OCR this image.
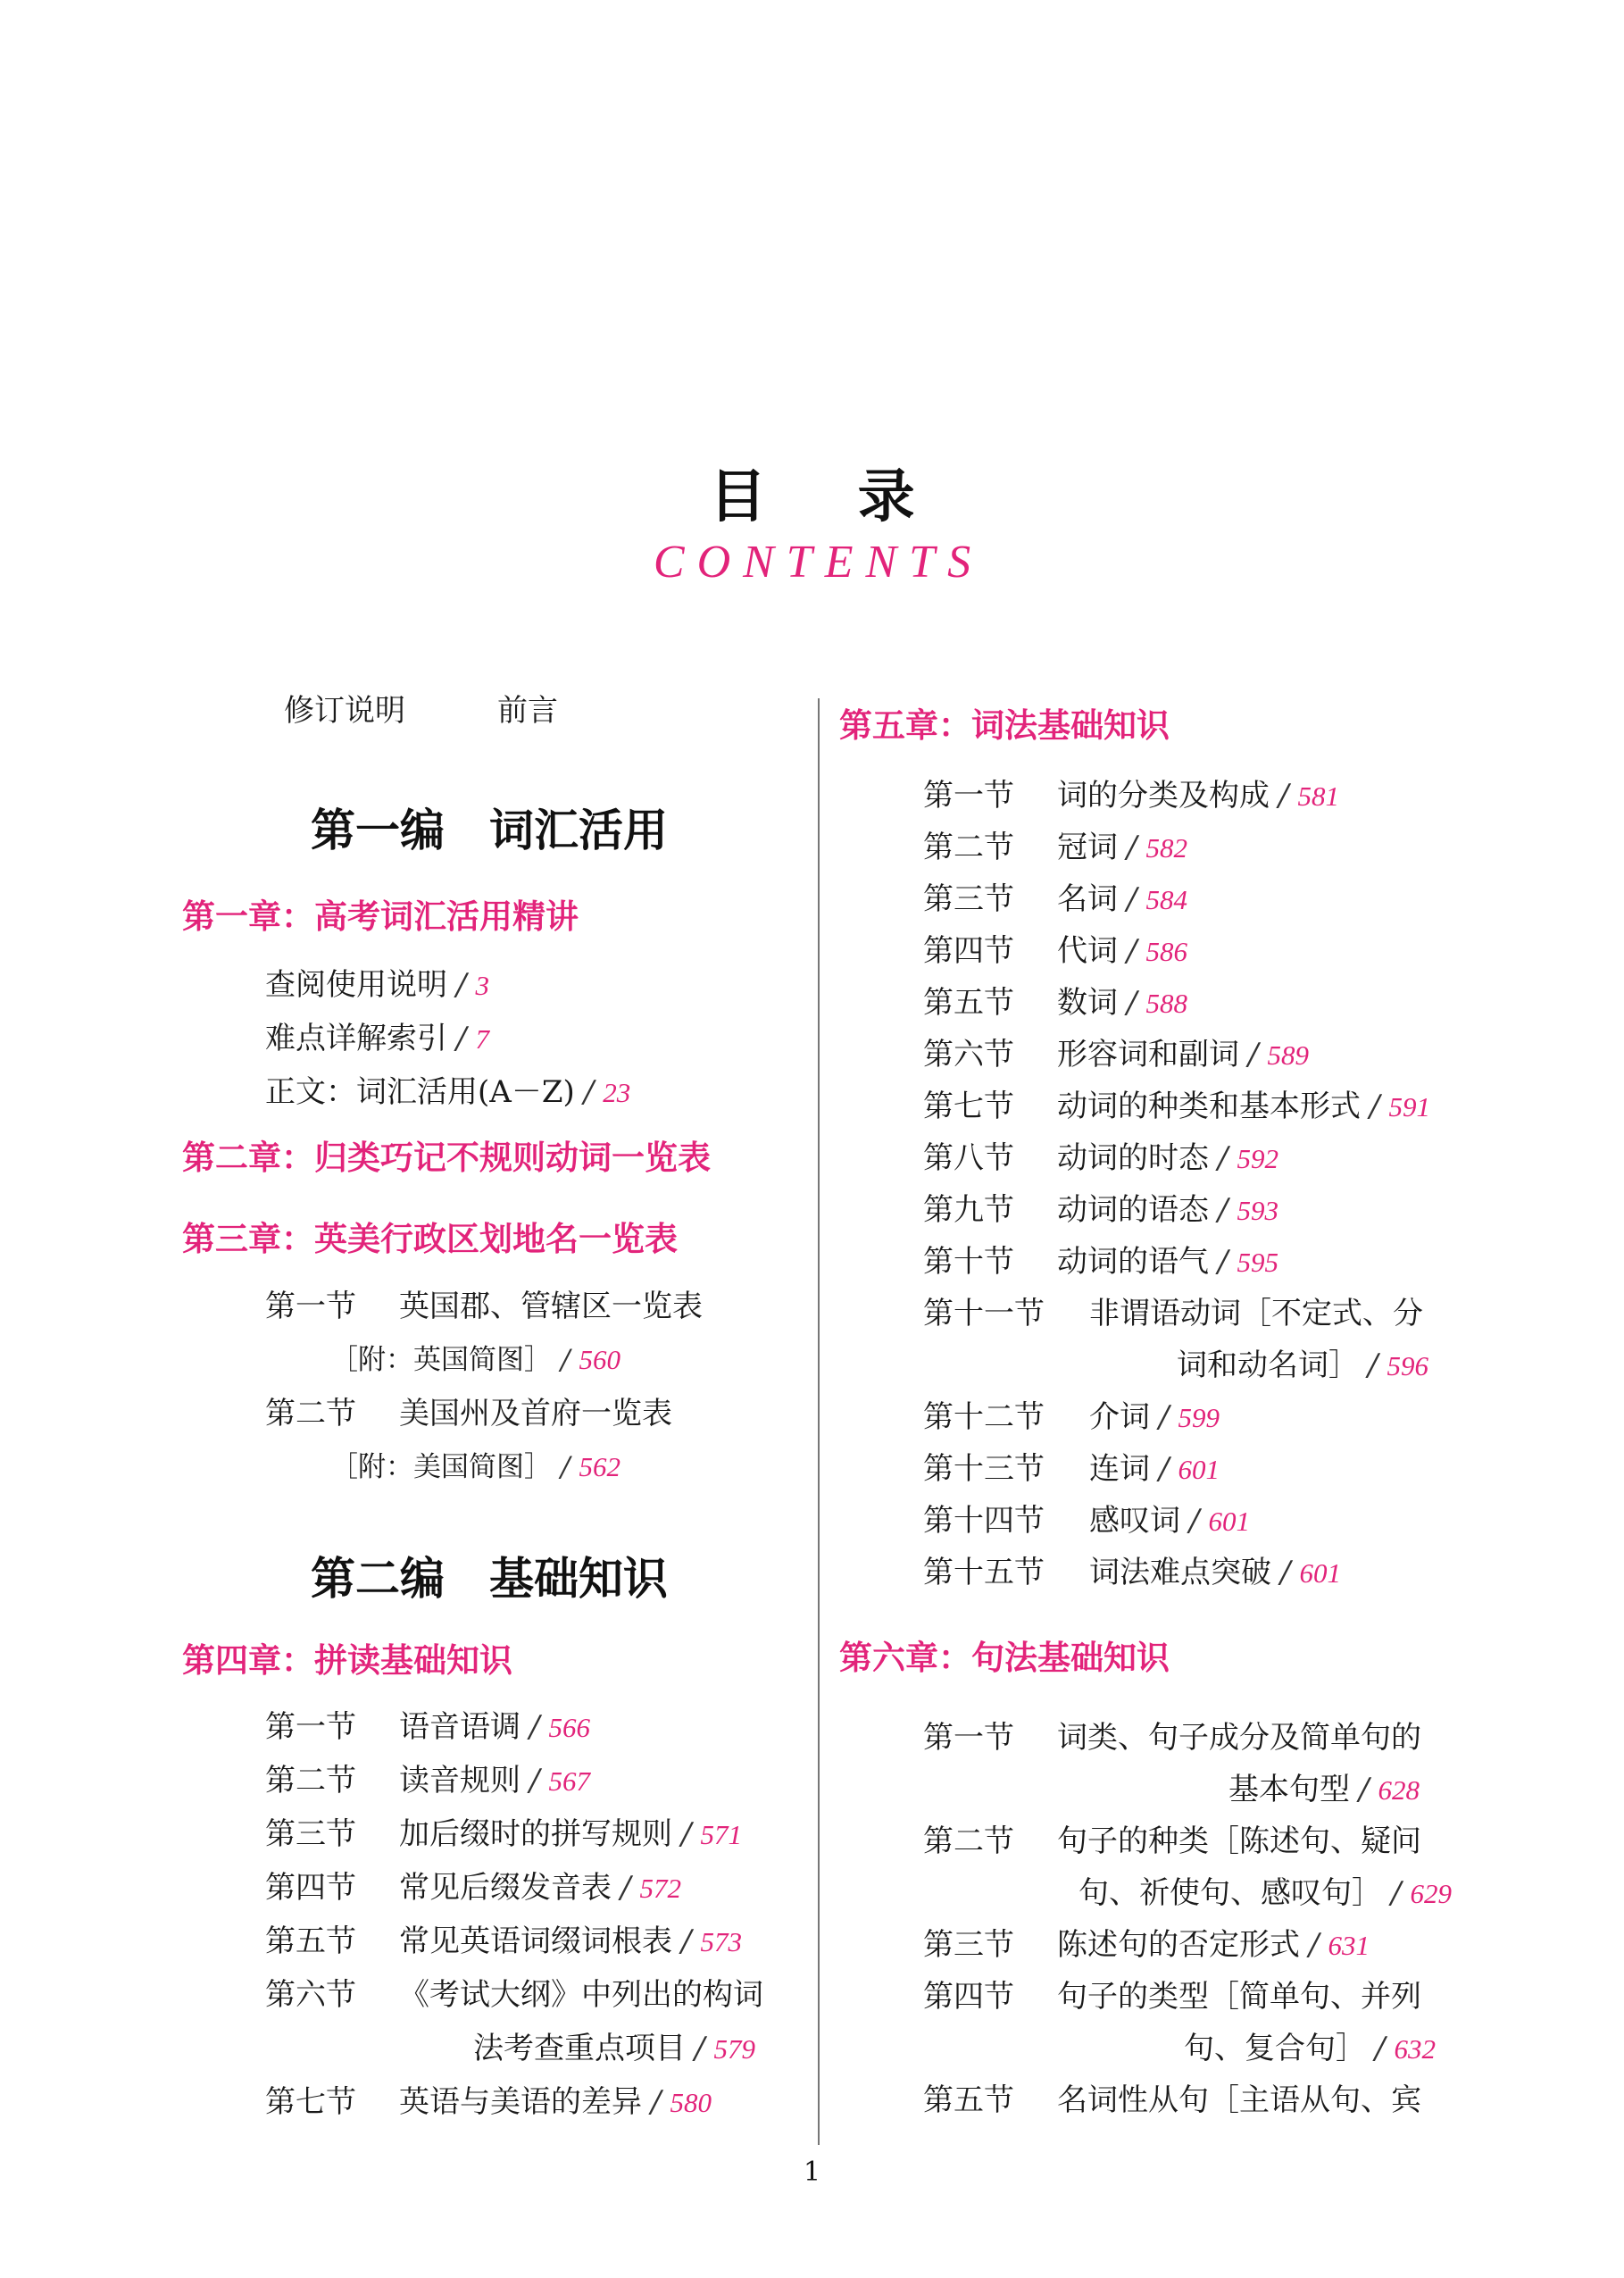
目 录
CONTENTS
修订说明	前言
第一编 词汇活用
第一章：高考词汇活用精讲
查阅使用说明 / 3
难点详解索引 / 7
正文：词汇活用(A－Z) / 23
第二章：归类巧记不规则动词一览表
第三章：英美行政区划地名一览表
第一节 英国郡、管辖区一览表
［附：英国简图］ / 560
第二节 美国州及首府一览表
［附：美国简图］ / 562
第二编 基础知识
第四章：拼读基础知识
第一节 语音语调 / 566
第二节 读音规则 / 567
第三节 加后缀时的拼写规则 / 571
第四节 常见后缀发音表 / 572
第五节 常见英语词缀词根表 / 573
第六节 《考试大纲》中列出的构词
法考查重点项目 / 579
第七节 英语与美语的差异 / 580
第五章：词法基础知识
第一节 词的分类及构成 / 581
第二节 冠词 / 582
第三节 名词 / 584
第四节 代词 / 586
第五节 数词 / 588
第六节 形容词和副词 / 589
第七节 动词的种类和基本形式 / 591
第八节 动词的时态 / 592
第九节 动词的语态 / 593
第十节 动词的语气 / 595
第十一节 非谓语动词［不定式、分
词和动名词］ / 596
第十二节 介词 / 599
第十三节 连词 / 601
第十四节 感叹词 / 601
第十五节 词法难点突破 / 601
第六章：句法基础知识
第一节 词类、句子成分及简单句的
基本句型 / 628
第二节 句子的种类［陈述句、疑问
句、祈使句、感叹句］ / 629
第三节 陈述句的否定形式 / 631
第四节 句子的类型［简单句、并列
句、复合句］ / 632
第五节 名词性从句［主语从句、宾
1
